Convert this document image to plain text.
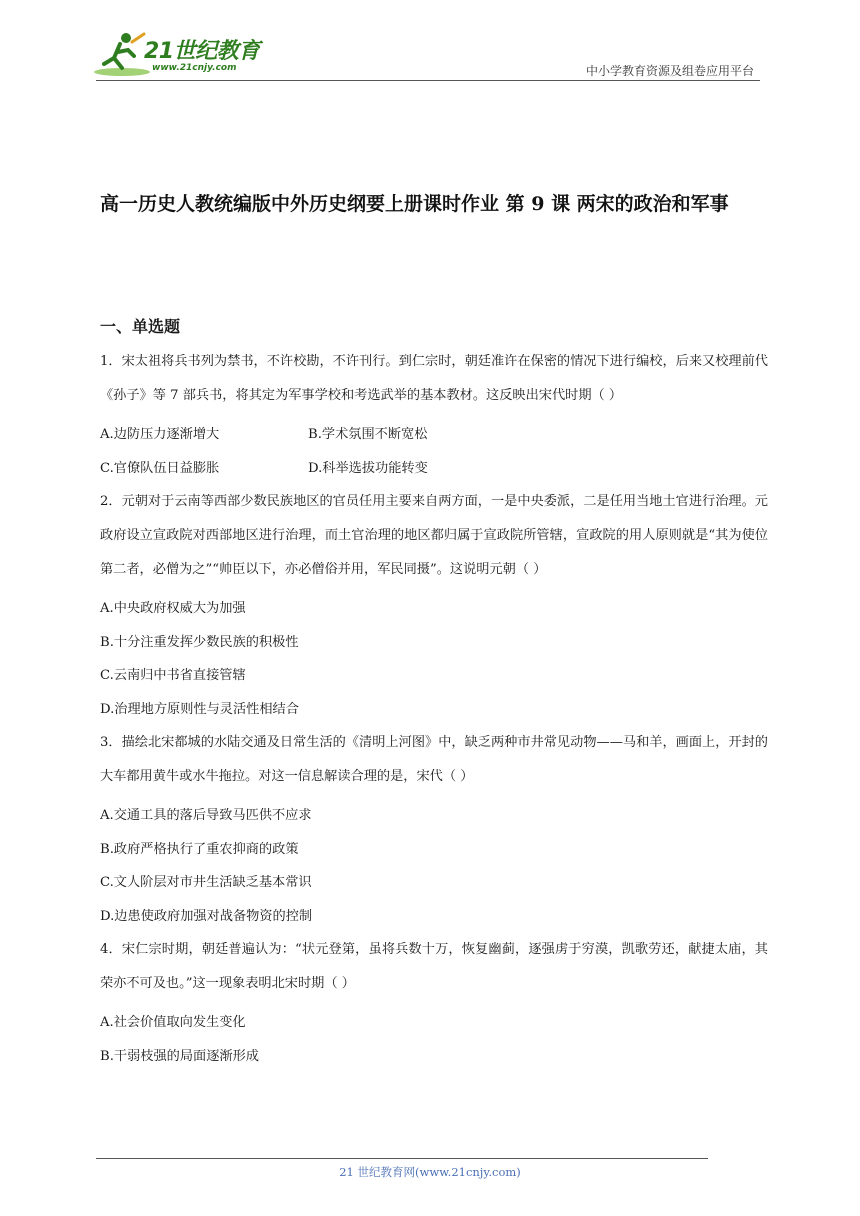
21世纪教育
www.21cnjy.com	中小学教育资源及组卷应用平台
高一历史人教统编版中外历史纲要上册课时作业 第 9 课 两宋的政治和军事
一、单选题

1．宋太祖将兵书列为禁书，不许校勘，不许刊行。到仁宗时，朝廷准许在保密的情况下进行编校，后来又校理前代《孙子》等 7 部兵书，将其定为军事学校和考选武举的基本教材。这反映出宋代时期（ ）

A.边防压力逐渐增大	B.学术氛围不断宽松
C.官僚队伍日益膨胀	D.科举选拔功能转变

2．元朝对于云南等西部少数民族地区的官员任用主要来自两方面，一是中央委派，二是任用当地土官进行治理。元政府设立宣政院对西部地区进行治理，而土官治理的地区都归属于宣政院所管辖，宣政院的用人原则就是“其为使位第二者，必僧为之”“帅臣以下，亦必僧俗并用，军民同摄”。这说明元朝（ ）

A.中央政府权威大为加强
B.十分注重发挥少数民族的积极性
C.云南归中书省直接管辖
D.治理地方原则性与灵活性相结合

3．描绘北宋都城的水陆交通及日常生活的《清明上河图》中，缺乏两种市井常见动物——马和羊，画面上，开封的大车都用黄牛或水牛拖拉。对这一信息解读合理的是，宋代（ ）

A.交通工具的落后导致马匹供不应求
B.政府严格执行了重农抑商的政策
C.文人阶层对市井生活缺乏基本常识
D.边患使政府加强对战备物资的控制

4．宋仁宗时期，朝廷普遍认为：“状元登第，虽将兵数十万，恢复幽蓟，逐强虏于穷漠，凯歌劳还，献捷太庙，其荣亦不可及也。”这一现象表明北宋时期（ ）

A.社会价值取向发生变化
B.干弱枝强的局面逐渐形成
21 世纪教育网(www.21cnjy.com)
